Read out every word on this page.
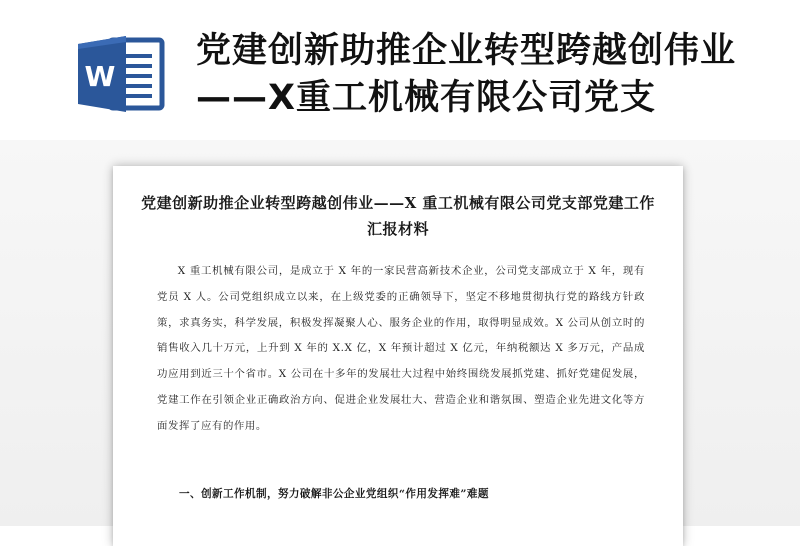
W
党建创新助推企业转型跨越创伟业——X重工机械有限公司党支
党建创新助推企业转型跨越创伟业——X 重工机械有限公司党支部党建工作汇报材料
X 重工机械有限公司，是成立于 X 年的一家民营高新技术企业，公司党支部成立于 X 年，现有党员 X 人。公司党组织成立以来，在上级党委的正确领导下，坚定不移地贯彻执行党的路线方针政策，求真务实，科学发展，积极发挥凝聚人心、服务企业的作用，取得明显成效。X 公司从创立时的销售收入几十万元，上升到 X 年的 X.X 亿，X 年预计超过 X 亿元，年纳税额达 X 多万元，产品成功应用到近三十个省市。X 公司在十多年的发展壮大过程中始终围绕发展抓党建、抓好党建促发展，党建工作在引领企业正确政治方向、促进企业发展壮大、营造企业和谐氛围、塑造企业先进文化等方面发挥了应有的作用。
一、创新工作机制，努力破解非公企业党组织“作用发挥难”难题
